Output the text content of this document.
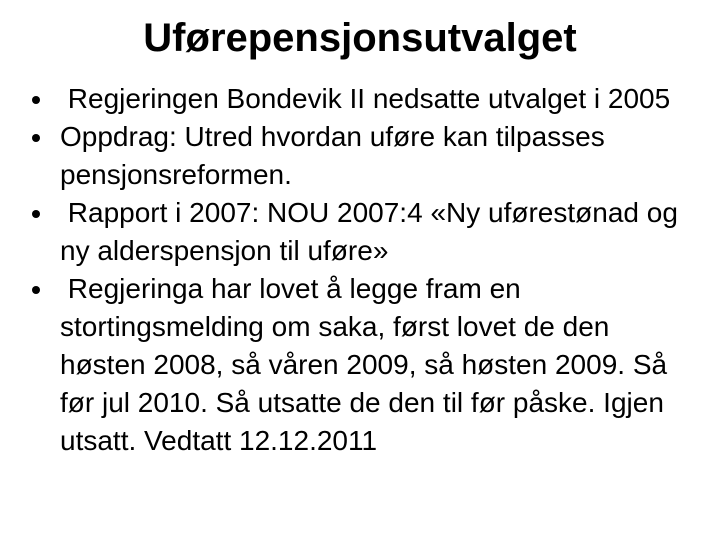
Uførepensjonsutvalget
Regjeringen Bondevik II nedsatte utvalget i 2005
Oppdrag: Utred hvordan uføre kan tilpasses pensjonsreformen.
Rapport i 2007: NOU 2007:4 «Ny uførestønad og ny alderspensjon til uføre»
Regjeringa har lovet å legge fram en stortingsmelding om saka, først lovet de den høsten 2008, så våren 2009, så høsten 2009. Så før jul 2010. Så utsatte de den til før påske. Igjen utsatt. Vedtatt 12.12.2011
